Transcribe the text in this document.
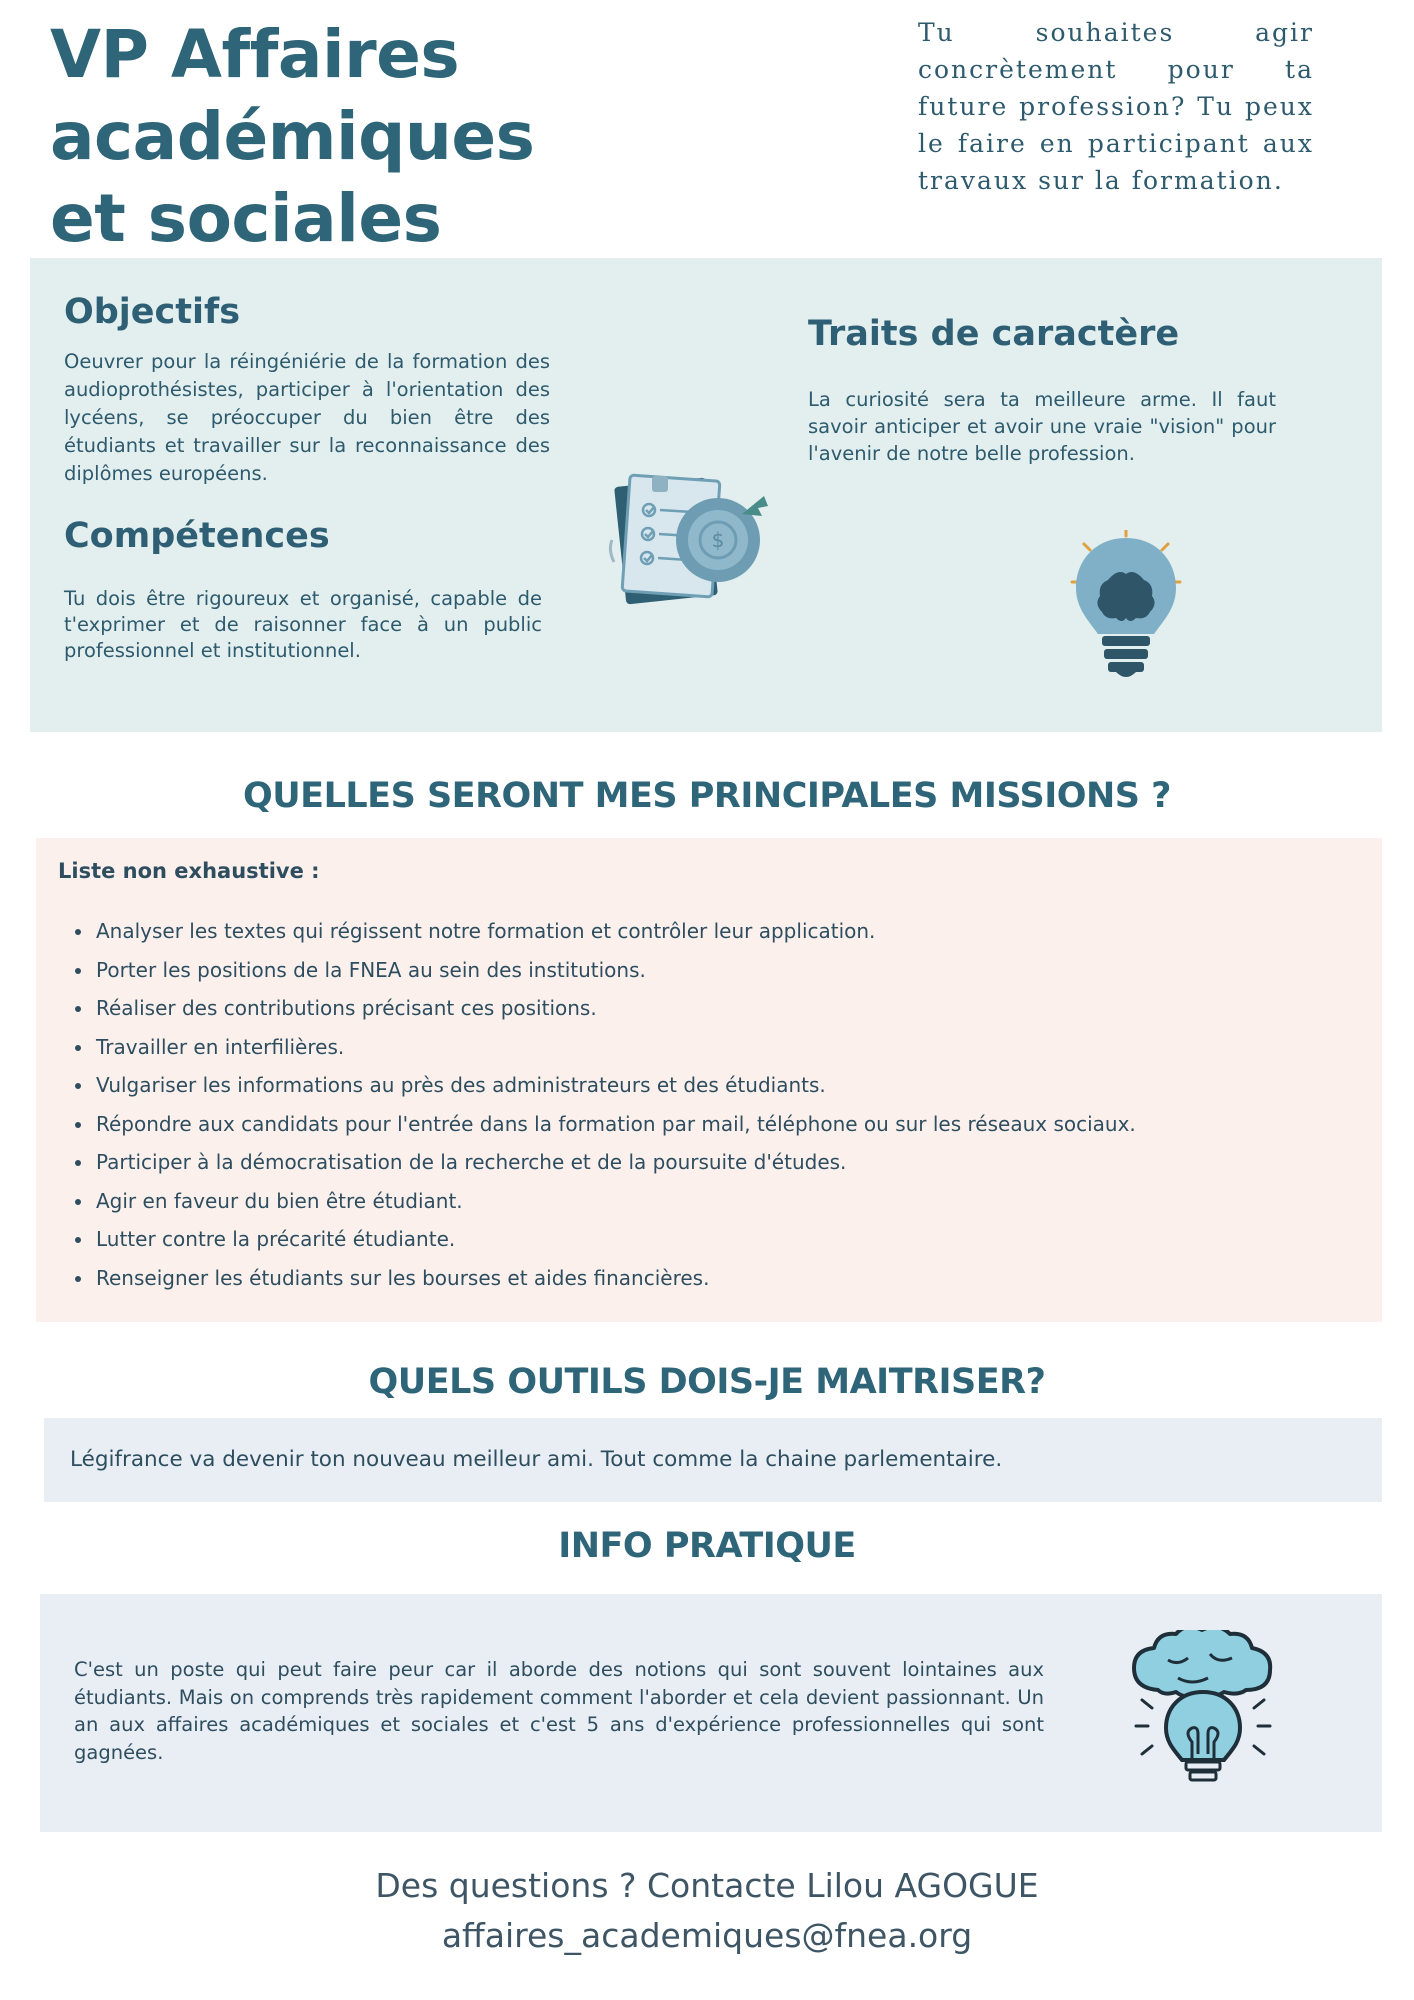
VP Affaires académiques
et sociales

Tu souhaites agir concrètement pour ta future profession? Tu peux le faire en participant aux travaux sur la formation.

Objectifs

Oeuvrer pour la réingéniérie de la formation des audioprothésistes, participer à l'orientation des lycéens, se préoccuper du bien être des étudiants et travailler sur la reconnaissance des diplômes européens.

Compétences

Tu dois être rigoureux et organisé, capable de t'exprimer et de raisonner face à un public professionnel et institutionnel.

Traits de caractère

La curiosité sera ta meilleure arme. Il faut savoir anticiper et avoir une vraie "vision" pour l'avenir de notre belle profession.

$
QUELLES SERONT MES PRINCIPALES MISSIONS ?

Liste non exhaustive :

Analyser les textes qui régissent notre formation et contrôler leur application.
Porter les positions de la FNEA au sein des institutions.
Réaliser des contributions précisant ces positions.
Travailler en interfilières.
Vulgariser les informations au près des administrateurs et des étudiants.
Répondre aux candidats pour l'entrée dans la formation par mail, téléphone ou sur les réseaux sociaux.
Participer à la démocratisation de la recherche et de la poursuite d'études.
Agir en faveur du bien être étudiant.
Lutter contre la précarité étudiante.
Renseigner les étudiants sur les bourses et aides financières.
QUELS OUTILS DOIS-JE MAITRISER?

Légifrance va devenir ton nouveau meilleur ami. Tout comme la chaine parlementaire.

INFO PRATIQUE

C'est un poste qui peut faire peur car il aborde des notions qui sont souvent lointaines aux étudiants. Mais on comprends très rapidement comment l'aborder et cela devient passionnant. Un an aux affaires académiques et sociales et c'est 5 ans d'expérience professionnelles qui sont gagnées.

Des questions ? Contacte Lilou AGOGUE

affaires_academiques@fnea.org
